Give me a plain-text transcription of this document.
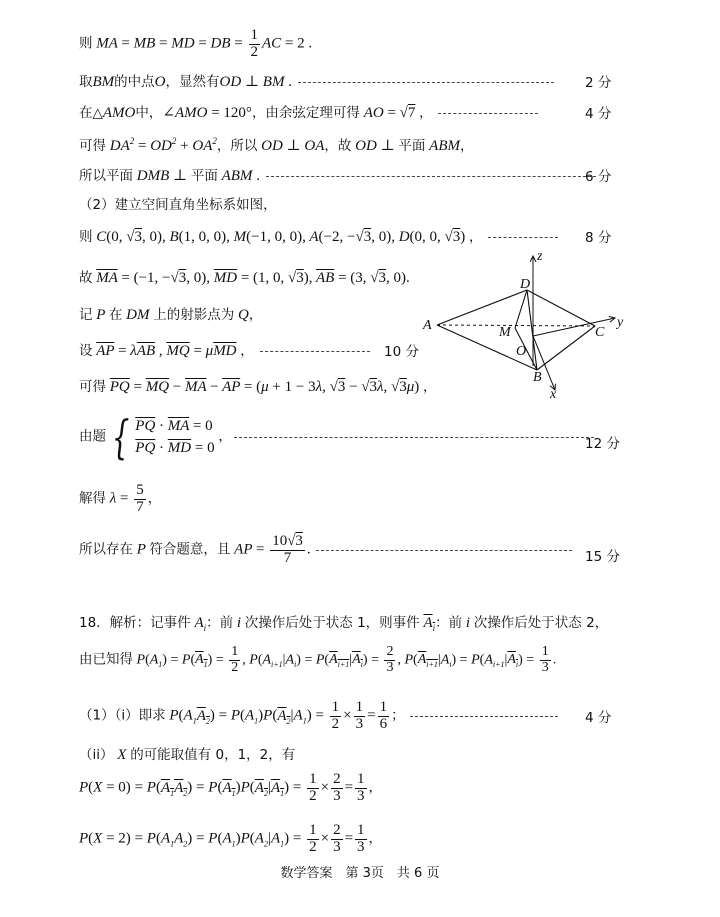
则 MA = MB = MD = DB = $\frac{1}{2}$ AC = 2 .
取BM的中点O，显然有OD ⊥ BM .	2 分
在△AMO中，∠AMO = 120°，由余弦定理可得 AO = √7 ，	4 分
可得 $DA^2 = OD^2 + OA^2$，所以 OD ⊥ OA，故 OD ⊥ 平面 ABM，
所以平面 DMB ⊥ 平面 ABM .	6 分
（2）建立空间直角坐标系如图，
则 C(0, √3, 0), B(1, 0, 0), M(−1, 0, 0), A(−2, −√3, 0), D(0, 0, √3) ，	8 分
故 $\overline{MA} = (-1$, −√3, 0), $\overline{MD} = (1$, 0, √3), $\overline{AB} = (3$, √3, 0).
记 P 在 DM 上的射影点为 Q，
设 $\overline{AP} = \lambda\overline{AB}$ , $\overline{MQ} = \mu\overline{MD}$ ，	10 分
可得 $\overline{PQ} = \overline{MQ} - \overline{MA} - \overline{AP} = (\mu + 1 - 3\lambda$, √3 − √3λ, √3μ) ，
由题 { $\overline{PQ} \cdot \overline{MA} = 0$
$\overline{PQ} \cdot \overline{MD} = 0$
，	12 分
解得 $\lambda = \frac{5}{7}$ ，
所以存在 P 符合题意，且 AP = $\frac{10√3}{7}$ .	15 分
18．解析：记事件 $A_i$：前 i 次操作后处于状态 1，则事件 $A_i$：前 i 次操作后处于状态 2，
由已知得 $P(A_1) = P(A_1) = \frac{1}{2}$ , $P(A_{i+1}|A_i) = P(A_{i+1}|A_i) = \frac{2}{3}$ , $P(A_{i+1}|A_i) = P(A_{i+1}|A_i) = \frac{1}{3}$ .
（1）（i）即求 $P(A_1A_2) = P(A_1)P(A_2|A_1) = \frac{1}{2} \times \frac{1}{3} = \frac{1}{6}$ ；	4 分
（ii） X 的可能取值有 0，1，2，有
$P(X = 0) = P(A_1A_2) = P(A_1)P(A_2|A_1) = \frac{1}{2} \times \frac{2}{3} = \frac{1}{3}$ ，
$P(X = 2) = P(A_1A_2) = P(A_1)P(A_2|A_1) = \frac{1}{2} \times \frac{2}{3} = \frac{1}{3}$ ，
A
D
M
O
C
B
z
y
x
数学答案　第 3页　共 6 页
